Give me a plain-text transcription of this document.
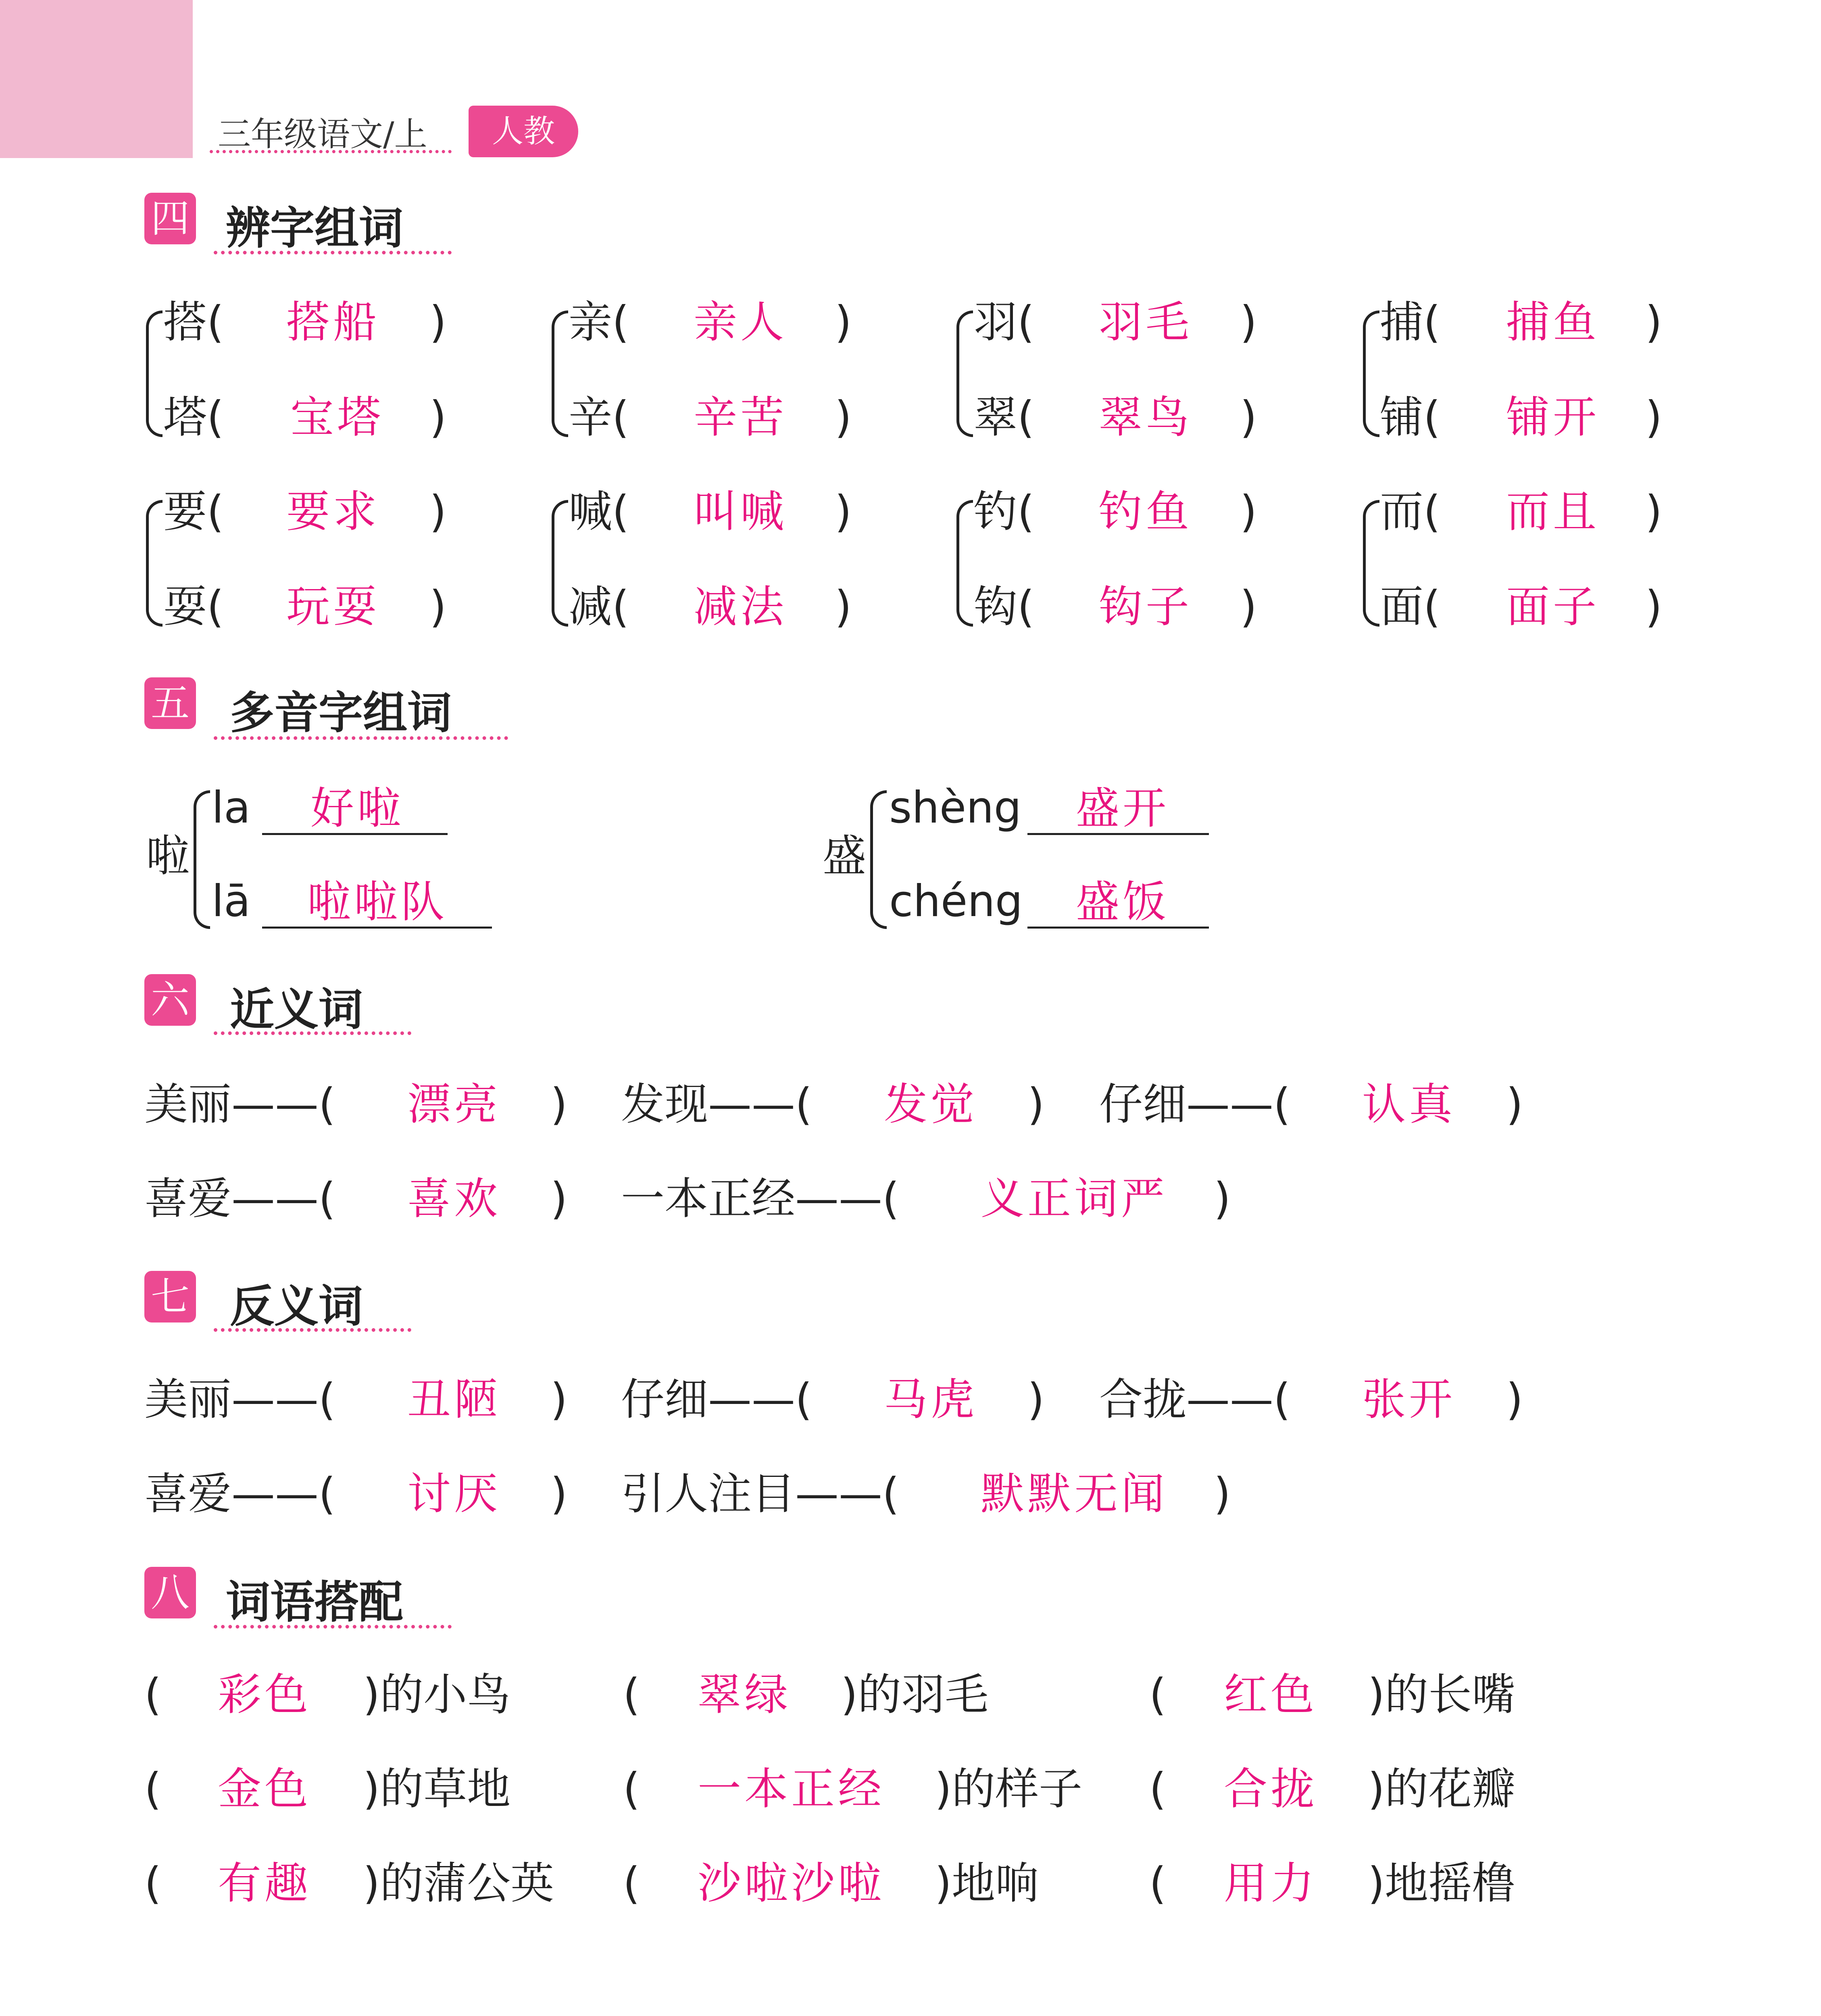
三年级语文/上	人教
四 辨字组词
搭( 搭船 )
塔( 宝塔 )
要( 要求 )
耍( 玩耍 )
亲( 亲人 )
辛( 辛苦 )
喊( 叫喊 )
减( 减法 )
羽( 羽毛 )
翠( 翠鸟 )
钓( 钓鱼 )
钩( 钩子 )
捕( 捕鱼 )
铺( 铺开 )
而( 而且 )
面( 面子 )
五 多音字组词
啦
la 好啦
lā 啦啦队
盛
shèng 盛开
chéng 盛饭
六 近义词
美丽——( 漂亮 ) 发现——( 发觉 ) 仔细——( 认真 )
喜爱——( 喜欢 ) 一本正经——( 义正词严 )
七 反义词
美丽——( 丑陋 ) 仔细——( 马虎 ) 合拢——( 张开 )
喜爱——( 讨厌 ) 引人注目——( 默默无闻 )
八 词语搭配
( 彩色 )的小鸟	( 翠绿 )的羽毛	( 红色 )的长嘴
( 金色 )的草地	( 一本正经 )的样子 ( 合拢 )的花瓣
( 有趣 )的蒲公英 ( 沙啦沙啦 )地响	( 用力 )地摇橹
